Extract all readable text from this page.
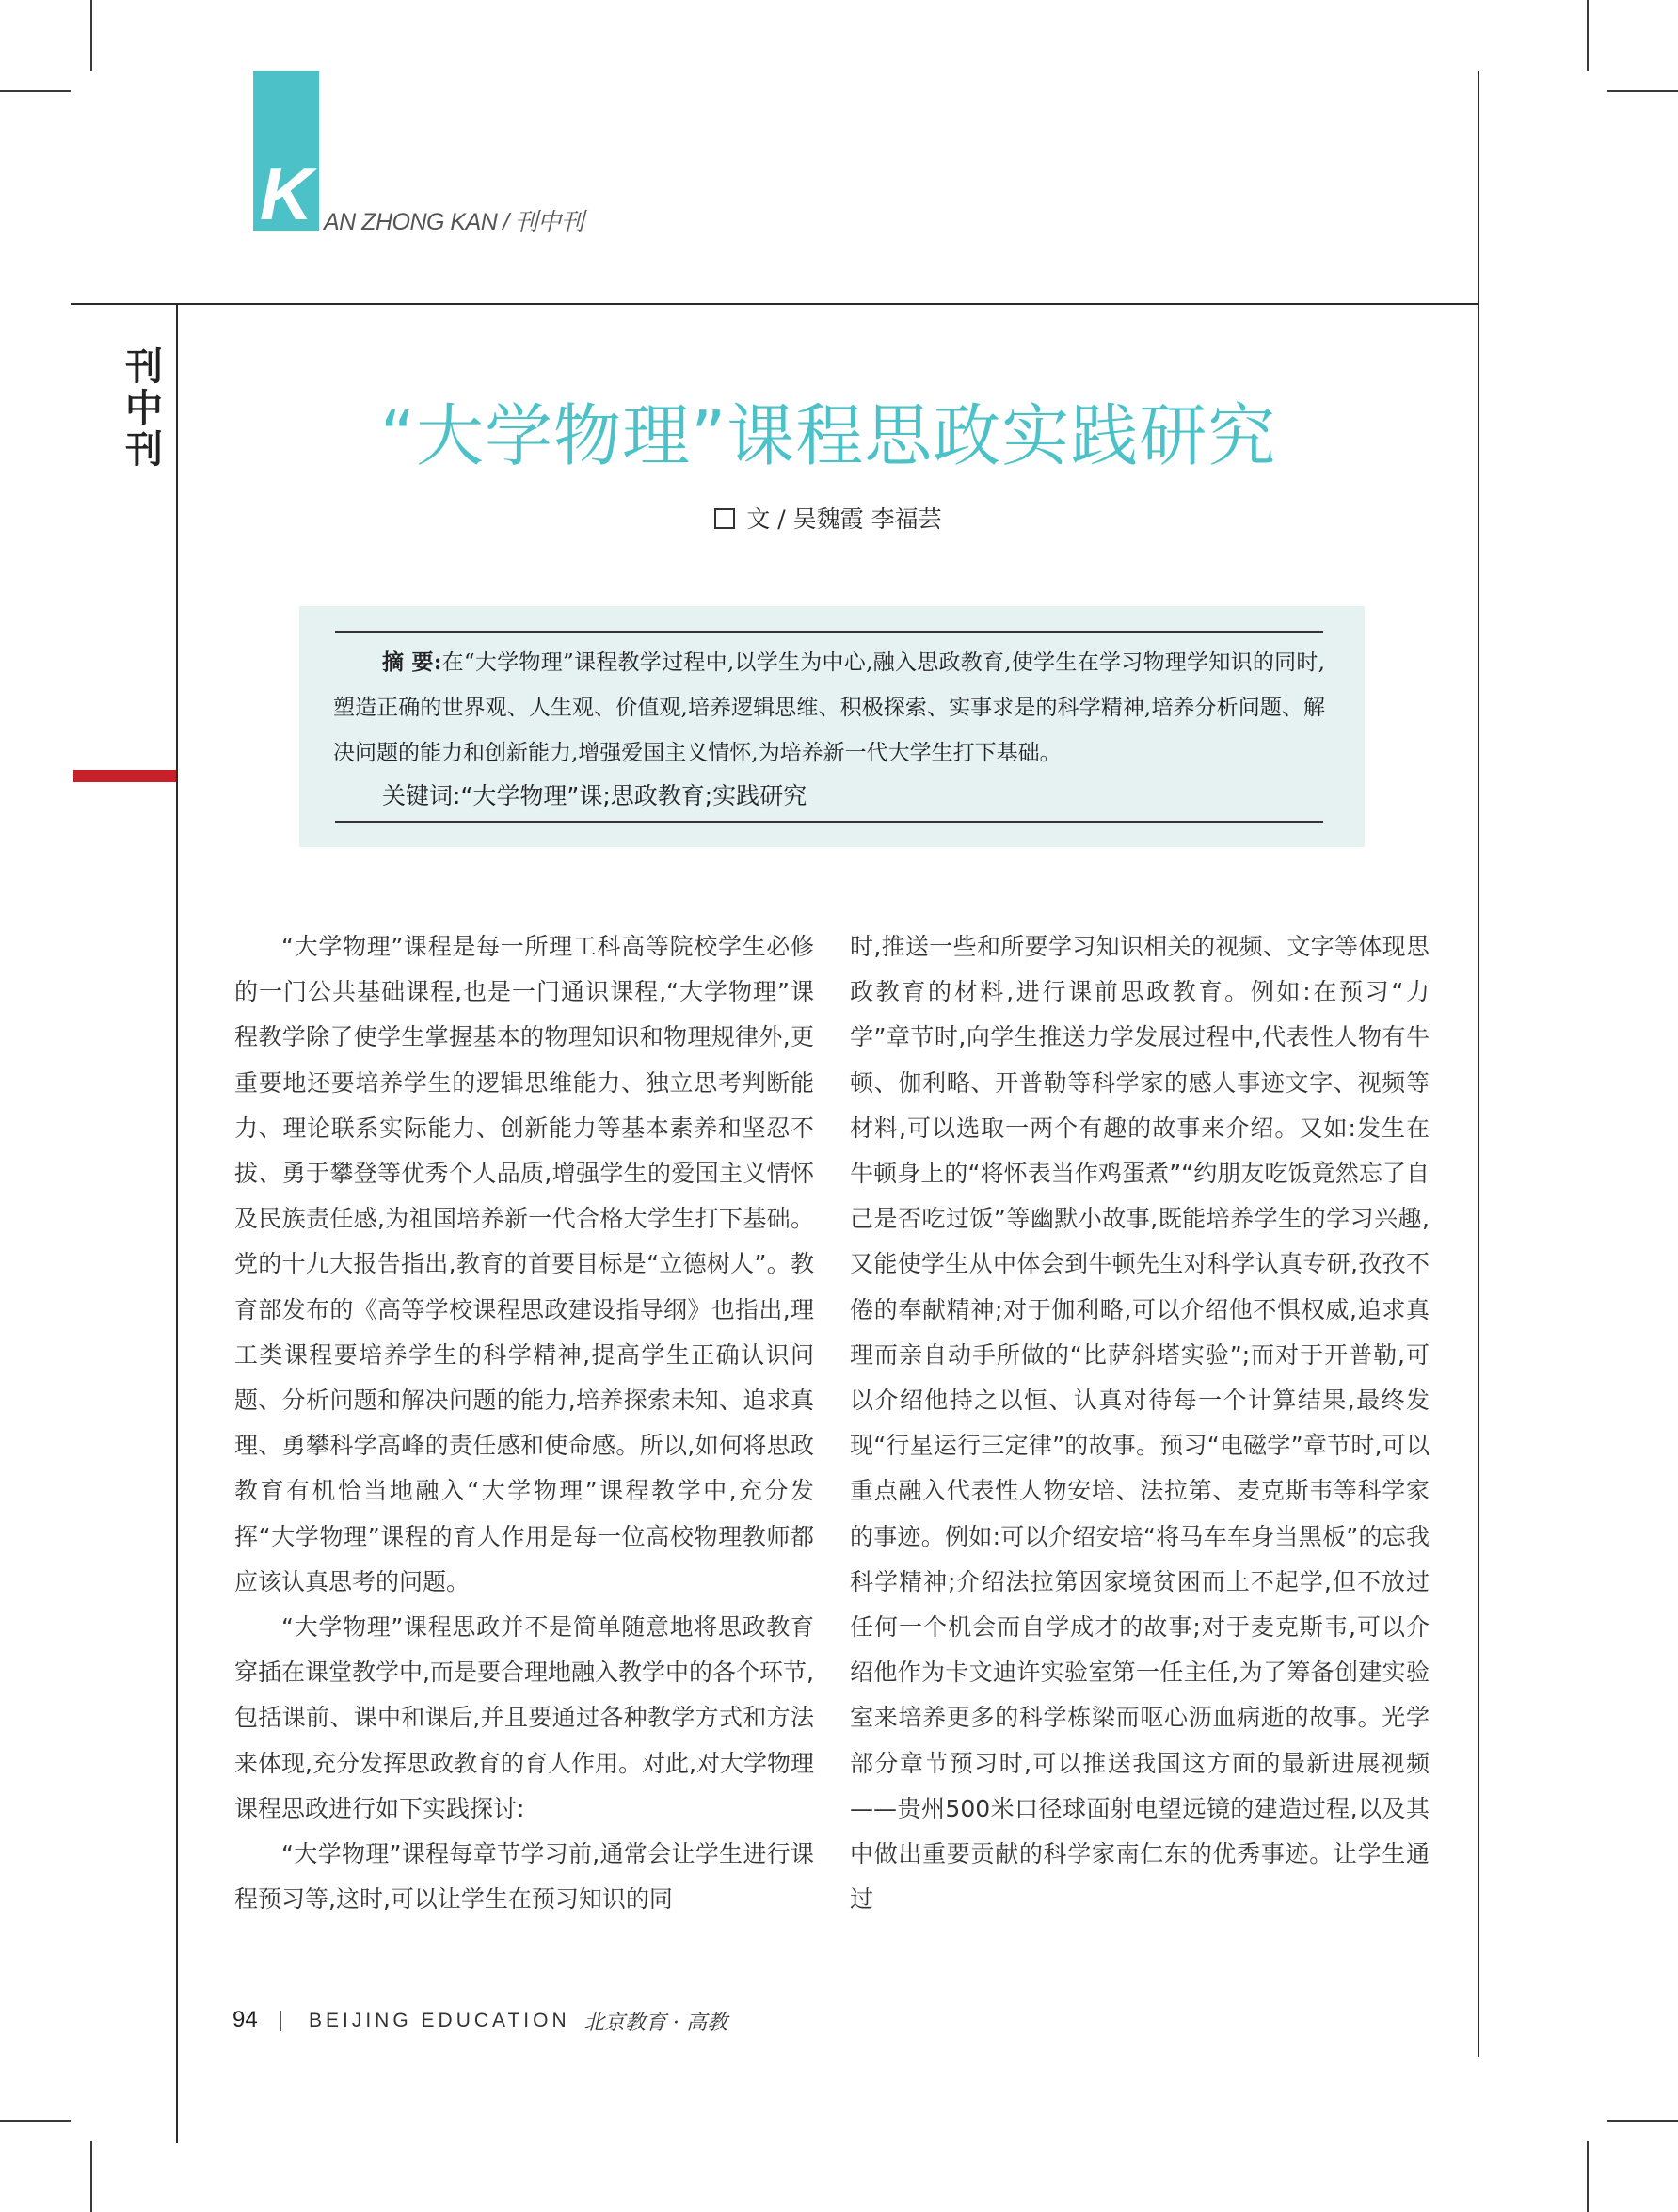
K AN ZHONG KAN / 刊中刊
刊中刊	“大学物理”课程思政实践研究
文 / 吴魏霞 李福芸
摘 要:在“大学物理”课程教学过程中,以学生为中心,融入思政教育,使学生在学习物理学知识的同时,塑造正确的世界观、人生观、价值观,培养逻辑思维、积极探索、实事求是的科学精神,培养分析问题、解决问题的能力和创新能力,增强爱国主义情怀,为培养新一代大学生打下基础。
关键词:“大学物理”课;思政教育;实践研究

“大学物理”课程是每一所理工科高等院校学生必修的一门公共基础课程,也是一门通识课程,“大学物理”课程教学除了使学生掌握基本的物理知识和物理规律外,更重要地还要培养学生的逻辑思维能力、独立思考判断能力、理论联系实际能力、创新能力等基本素养和坚忍不拔、勇于攀登等优秀个人品质,增强学生的爱国主义情怀及民族责任感,为祖国培养新一代合格大学生打下基础。党的十九大报告指出,教育的首要目标是“立德树人”。教育部发布的《高等学校课程思政建设指导纲》也指出,理工类课程要培养学生的科学精神,提高学生正确认识问题、分析问题和解决问题的能力,培养探索未知、追求真理、勇攀科学高峰的责任感和使命感。所以,如何将思政教育有机恰当地融入“大学物理”课程教学中,充分发挥“大学物理”课程的育人作用是每一位高校物理教师都应该认真思考的问题。

“大学物理”课程思政并不是简单随意地将思政教育穿插在课堂教学中,而是要合理地融入教学中的各个环节,包括课前、课中和课后,并且要通过各种教学方式和方法来体现,充分发挥思政教育的育人作用。对此,对大学物理课程思政进行如下实践探讨:

“大学物理”课程每章节学习前,通常会让学生进行课程预习等,这时,可以让学生在预习知识的同

时,推送一些和所要学习知识相关的视频、文字等体现思政教育的材料,进行课前思政教育。例如:在预习“力学”章节时,向学生推送力学发展过程中,代表性人物有牛顿、伽利略、开普勒等科学家的感人事迹文字、视频等材料,可以选取一两个有趣的故事来介绍。又如:发生在牛顿身上的“将怀表当作鸡蛋煮”“约朋友吃饭竟然忘了自己是否吃过饭”等幽默小故事,既能培养学生的学习兴趣,又能使学生从中体会到牛顿先生对科学认真专研,孜孜不倦的奉献精神;对于伽利略,可以介绍他不惧权威,追求真理而亲自动手所做的“比萨斜塔实验”;而对于开普勒,可以介绍他持之以恒、认真对待每一个计算结果,最终发现“行星运行三定律”的故事。预习“电磁学”章节时,可以重点融入代表性人物安培、法拉第、麦克斯韦等科学家的事迹。例如:可以介绍安培“将马车车身当黑板”的忘我科学精神;介绍法拉第因家境贫困而上不起学,但不放过任何一个机会而自学成才的故事;对于麦克斯韦,可以介绍他作为卡文迪许实验室第一任主任,为了筹备创建实验室来培养更多的科学栋梁而呕心沥血病逝的故事。光学部分章节预习时,可以推送我国这方面的最新进展视频——贵州500米口径球面射电望远镜的建造过程,以及其中做出重要贡献的科学家南仁东的优秀事迹。让学生通过

94	BEIJING EDUCATION 北京教育 · 高教
